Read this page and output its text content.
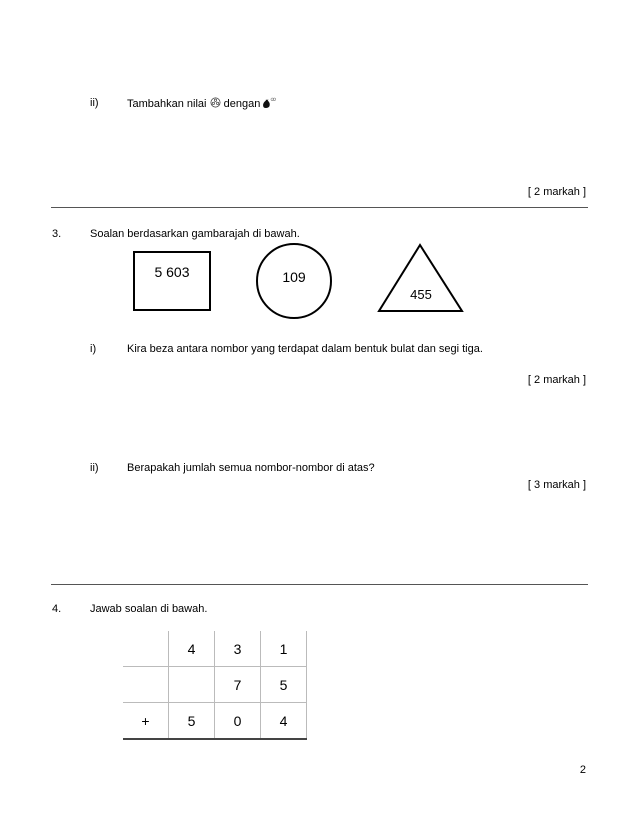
ii)	Tambahkan nilai dengan
[ 2 markah ]
3.	Soalan berdasarkan gambarajah di bawah.
5 603	109
455
i)	Kira beza antara nombor yang terdapat dalam bentuk bulat dan segi tiga.
[ 2 markah ]
ii)	Berapakah jumlah semua nombor-nombor di atas?
[ 3 markah ]
4.	Jawab soalan di bawah.
	4	3	1
		7	5
+	5	0	4
2
